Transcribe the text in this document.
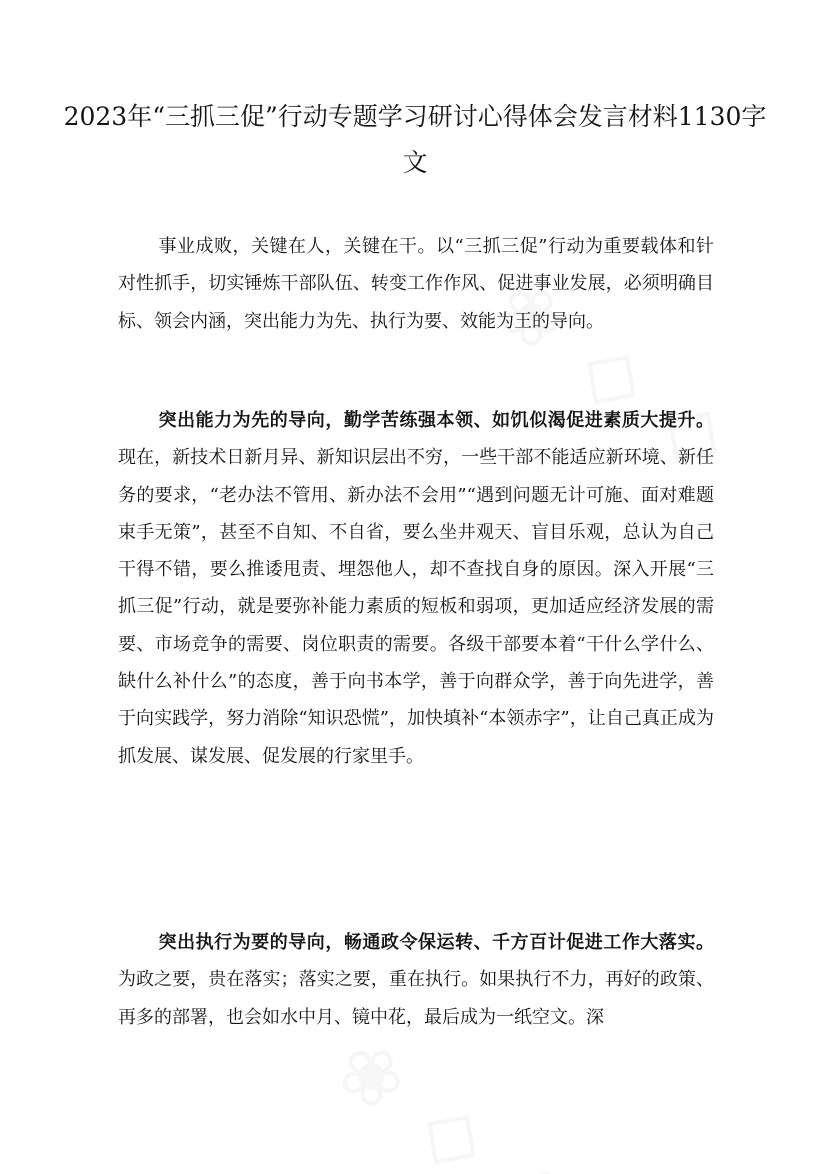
2023年“三抓三促”行动专题学习研讨心得体会发言材料1130字文

事业成败，关键在人，关键在干。以“三抓三促”行动为重要载体和针对性抓手，切实锤炼干部队伍、转变工作作风、促进事业发展，必须明确目标、领会内涵，突出能力为先、执行为要、效能为王的导向。

突出能力为先的导向，勤学苦练强本领、如饥似渴促进素质大提升。现在，新技术日新月异、新知识层出不穷，一些干部不能适应新环境、新任务的要求，“老办法不管用、新办法不会用”“遇到问题无计可施、面对难题束手无策”，甚至不自知、不自省，要么坐井观天、盲目乐观，总认为自己干得不错，要么推诿甩责、埋怨他人，却不查找自身的原因。深入开展“三抓三促”行动，就是要弥补能力素质的短板和弱项，更加适应经济发展的需要、市场竞争的需要、岗位职责的需要。各级干部要本着“干什么学什么、缺什么补什么”的态度，善于向书本学，善于向群众学，善于向先进学，善于向实践学，努力消除“知识恐慌”，加快填补“本领赤字”，让自己真正成为抓发展、谋发展、促发展的行家里手。

突出执行为要的导向，畅通政令保运转、千方百计促进工作大落实。为政之要，贵在落实；落实之要，重在执行。如果执行不力，再好的政策、再多的部署，也会如水中月、镜中花，最后成为一纸空文。深
